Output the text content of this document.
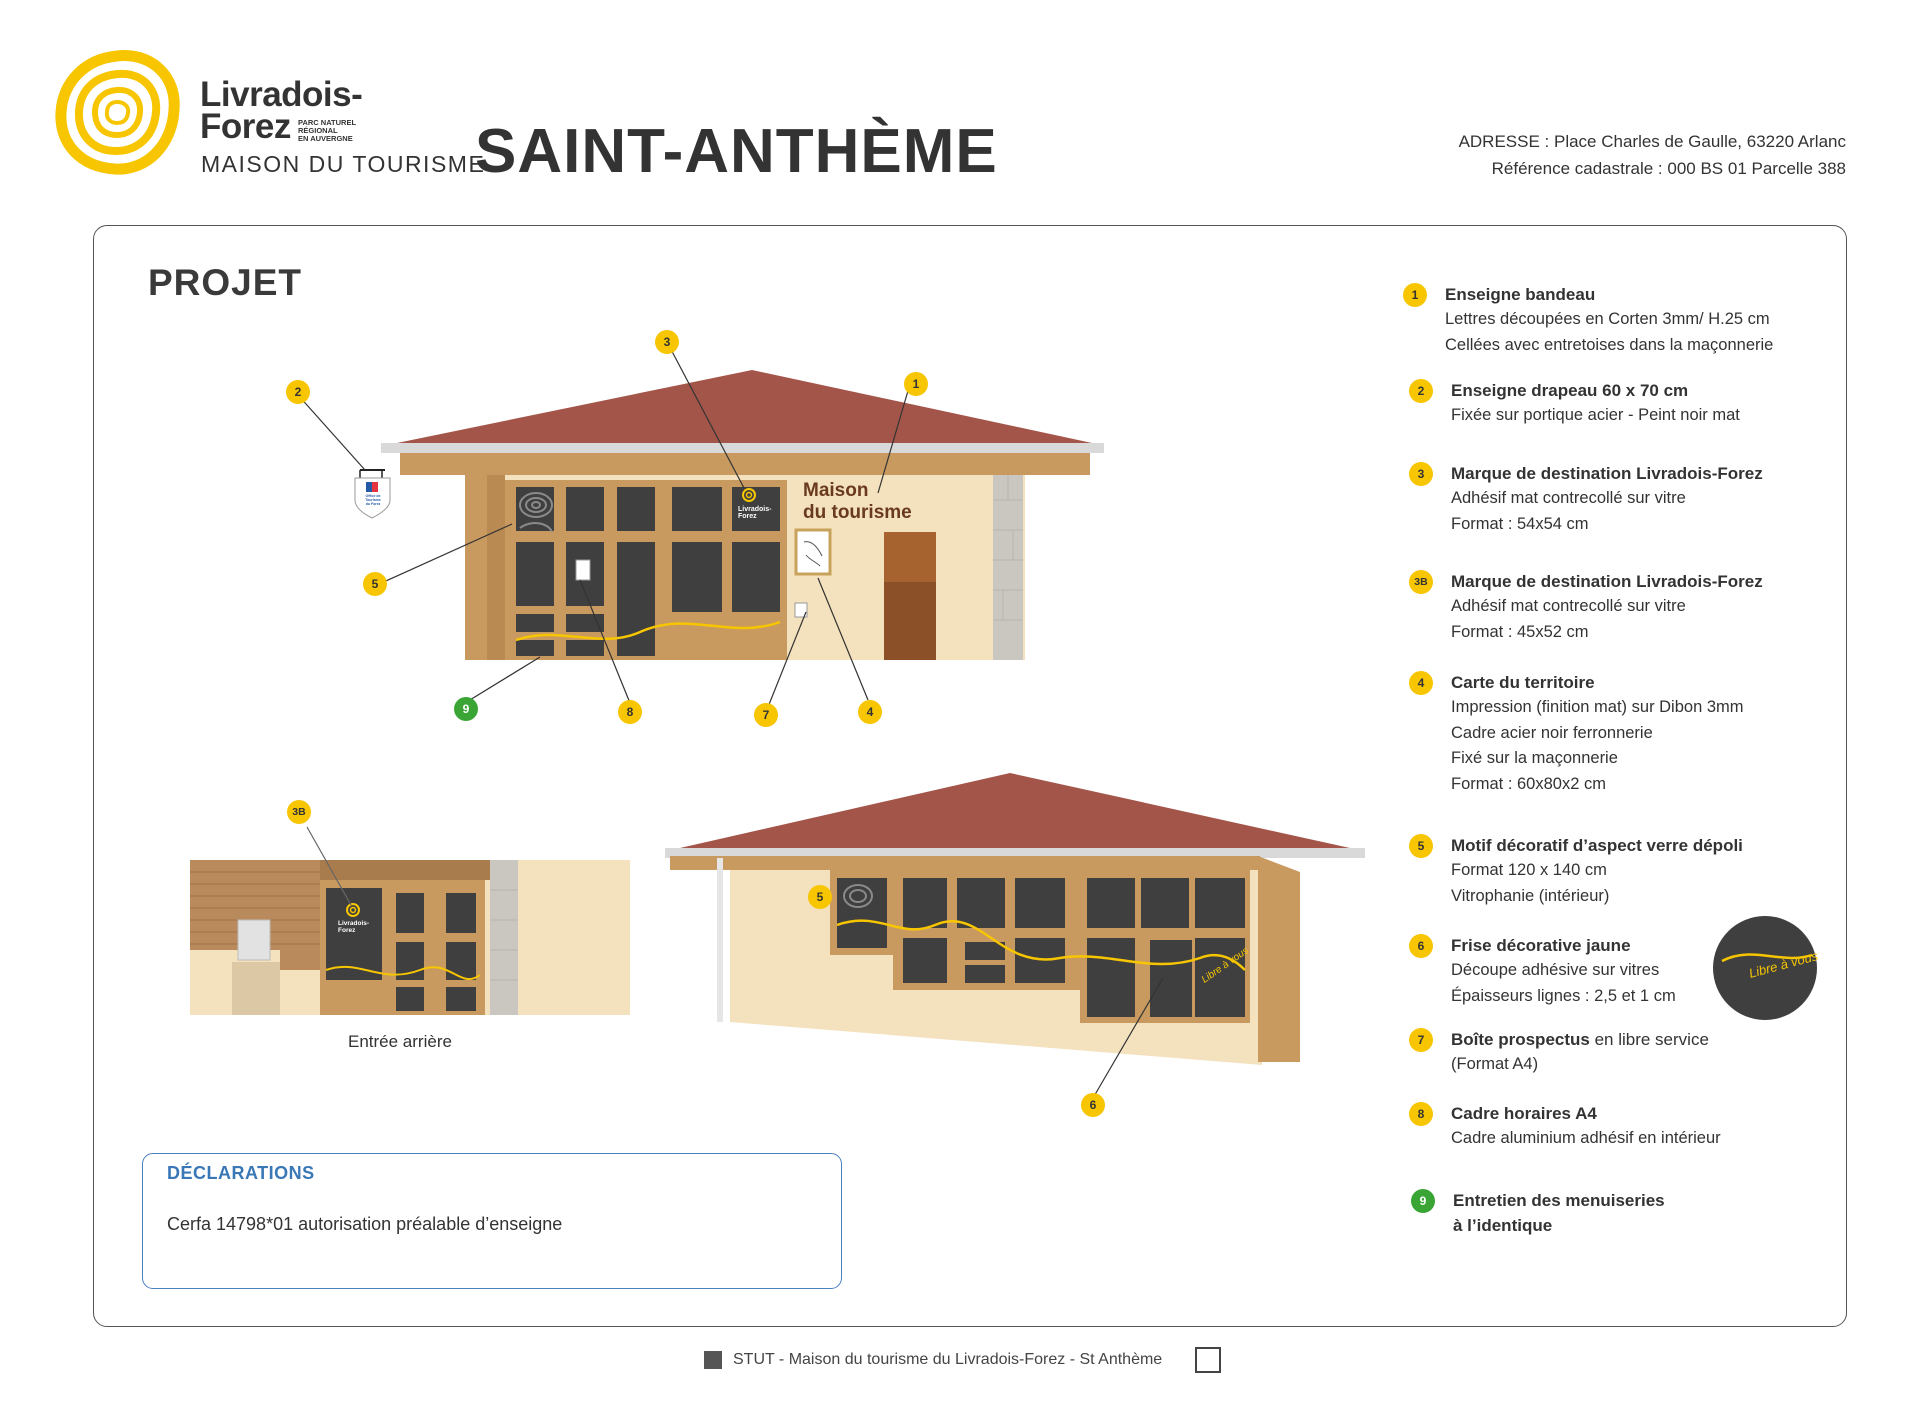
Livradois-
Forez PARC NATUREL
RÉGIONAL
EN AUVERGNE
MAISON DU TOURISME
SAINT-ANTHÈME	ADRESSE : Place Charles de Gaulle, 63220 Arlanc
Référence cadastrale : 000 BS 01 Parcelle 388
PROJET
Maison
du tourisme
Office de
Tourisme
du Forez
Livradois-
Forez
1
2
3
4
5
9	8	7
Livradois-
Forez
3B
Entrée arrière
Libre à vous
5
6
Libre à vous
1	Enseigne bandeau
Lettres découpées en Corten 3mm/ H.25 cm
Cellées avec entretoises dans la maçonnerie
2	Enseigne drapeau 60 x 70 cm
Fixée sur portique acier - Peint noir mat
3	Marque de destination Livradois-Forez
Adhésif mat contrecollé sur vitre
Format : 54x54 cm
3B	Marque de destination Livradois-Forez
Adhésif mat contrecollé sur vitre
Format : 45x52 cm
4	Carte du territoire
Impression (finition mat) sur Dibon 3mm
Cadre acier noir ferronnerie
Fixé sur la maçonnerie
Format : 60x80x2 cm
5	Motif décoratif d’aspect verre dépoli
Format 120 x 140 cm
Vitrophanie (intérieur)
6	Frise décorative jaune
Découpe adhésive sur vitres
Épaisseurs lignes : 2,5 et 1 cm
7	Boîte prospectus en libre service
(Format A4)
8	Cadre horaires A4
Cadre aluminium adhésif en intérieur
9	Entretien des menuiseries
à l’identique
DÉCLARATIONS
Cerfa 14798*01 autorisation préalable d’enseigne
STUT - Maison du tourisme du Livradois-Forez - St Anthème
